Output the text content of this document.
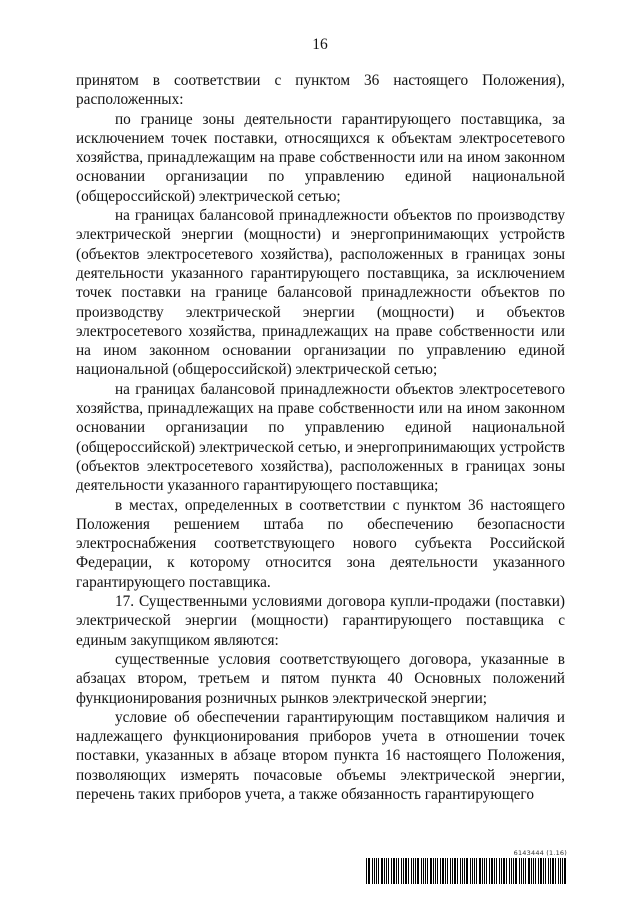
16

принятом в соответствии с пунктом 36 настоящего Положения), расположенных:

по границе зоны деятельности гарантирующего поставщика, за исключением точек поставки, относящихся к объектам электросетевого хозяйства, принадлежащим на праве собственности или на ином законном основании организации по управлению единой национальной (общероссийской) электрической сетью;

на границах балансовой принадлежности объектов по производству электрической энергии (мощности) и энергопринимающих устройств (объектов электросетевого хозяйства), расположенных в границах зоны деятельности указанного гарантирующего поставщика, за исключением точек поставки на границе балансовой принадлежности объектов по производству электрической энергии (мощности) и объектов электросетевого хозяйства, принадлежащих на праве собственности или на ином законном основании организации по управлению единой национальной (общероссийской) электрической сетью;

на границах балансовой принадлежности объектов электросетевого хозяйства, принадлежащих на праве собственности или на ином законном основании организации по управлению единой национальной (общероссийской) электрической сетью, и энергопринимающих устройств (объектов электросетевого хозяйства), расположенных в границах зоны деятельности указанного гарантирующего поставщика;

в местах, определенных в соответствии с пунктом 36 настоящего Положения решением штаба по обеспечению безопасности электроснабжения соответствующего нового субъекта Российской Федерации, к которому относится зона деятельности указанного гарантирующего поставщика.

17. Существенными условиями договора купли-продажи (поставки) электрической энергии (мощности) гарантирующего поставщика с единым закупщиком являются:

существенные условия соответствующего договора, указанные в абзацах втором, третьем и пятом пункта 40 Основных положений функционирования розничных рынков электрической энергии;

условие об обеспечении гарантирующим поставщиком наличия и надлежащего функционирования приборов учета в отношении точек поставки, указанных в абзаце втором пункта 16 настоящего Положения, позволяющих измерять почасовые объемы электрической энергии, перечень таких приборов учета, а также обязанность гарантирующего

6143444 (1.16)
